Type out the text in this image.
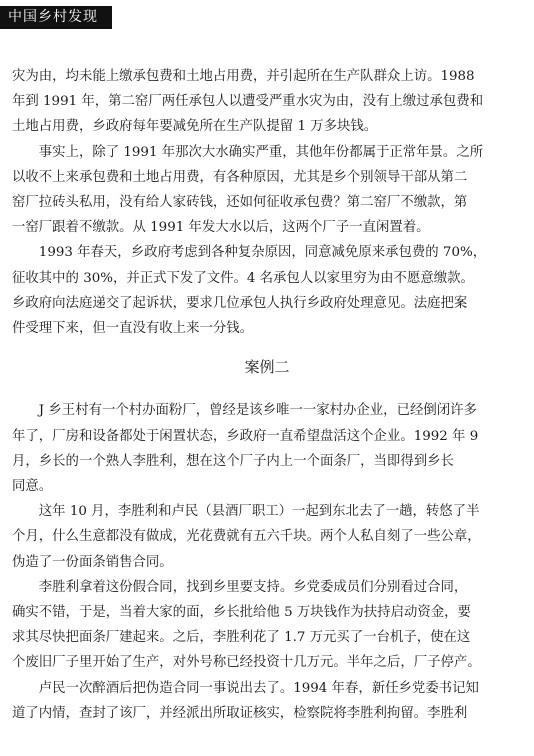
中国乡村发现

灾为由，均未能上缴承包费和土地占用费，并引起所在生产队群众上访。1988

年到 1991 年，第二窑厂两任承包人以遭受严重水灾为由，没有上缴过承包费和

土地占用费，乡政府每年要减免所在生产队提留 1 万多块钱。

事实上，除了 1991 年那次大水确实严重，其他年份都属于正常年景。之所

以收不上来承包费和土地占用费，有各种原因，尤其是乡个别领导干部从第二

窑厂拉砖头私用，没有给人家砖钱，还如何征收承包费？第二窑厂不缴款，第

一窑厂跟着不缴款。从 1991 年发大水以后，这两个厂子一直闲置着。

1993 年春天，乡政府考虑到各种复杂原因，同意减免原来承包费的 70%，

征收其中的 30%，并正式下发了文件。4 名承包人以家里穷为由不愿意缴款。

乡政府向法庭递交了起诉状，要求几位承包人执行乡政府处理意见。法庭把案

件受理下来，但一直没有收上来一分钱。

案例二

J 乡王村有一个村办面粉厂，曾经是该乡唯一一家村办企业，已经倒闭许多

年了，厂房和设备都处于闲置状态，乡政府一直希望盘活这个企业。1992 年 9

月，乡长的一个熟人李胜利，想在这个厂子内上一个面条厂，当即得到乡长

同意。

这年 10 月，李胜利和卢民（县酒厂职工）一起到东北去了一趟，转悠了半

个月，什么生意都没有做成，光花费就有五六千块。两个人私自刻了一些公章，

伪造了一份面条销售合同。

李胜利拿着这份假合同，找到乡里要支持。乡党委成员们分别看过合同，

确实不错，于是，当着大家的面，乡长批给他 5 万块钱作为扶持启动资金，要

求其尽快把面条厂建起来。之后，李胜利花了 1.7 万元买了一台机子，使在这

个废旧厂子里开始了生产，对外号称已经投资十几万元。半年之后，厂子停产。

卢民一次醉酒后把伪造合同一事说出去了。1994 年春，新任乡党委书记知

道了内情，查封了该厂，并经派出所取证核实，检察院将李胜利拘留。李胜利
